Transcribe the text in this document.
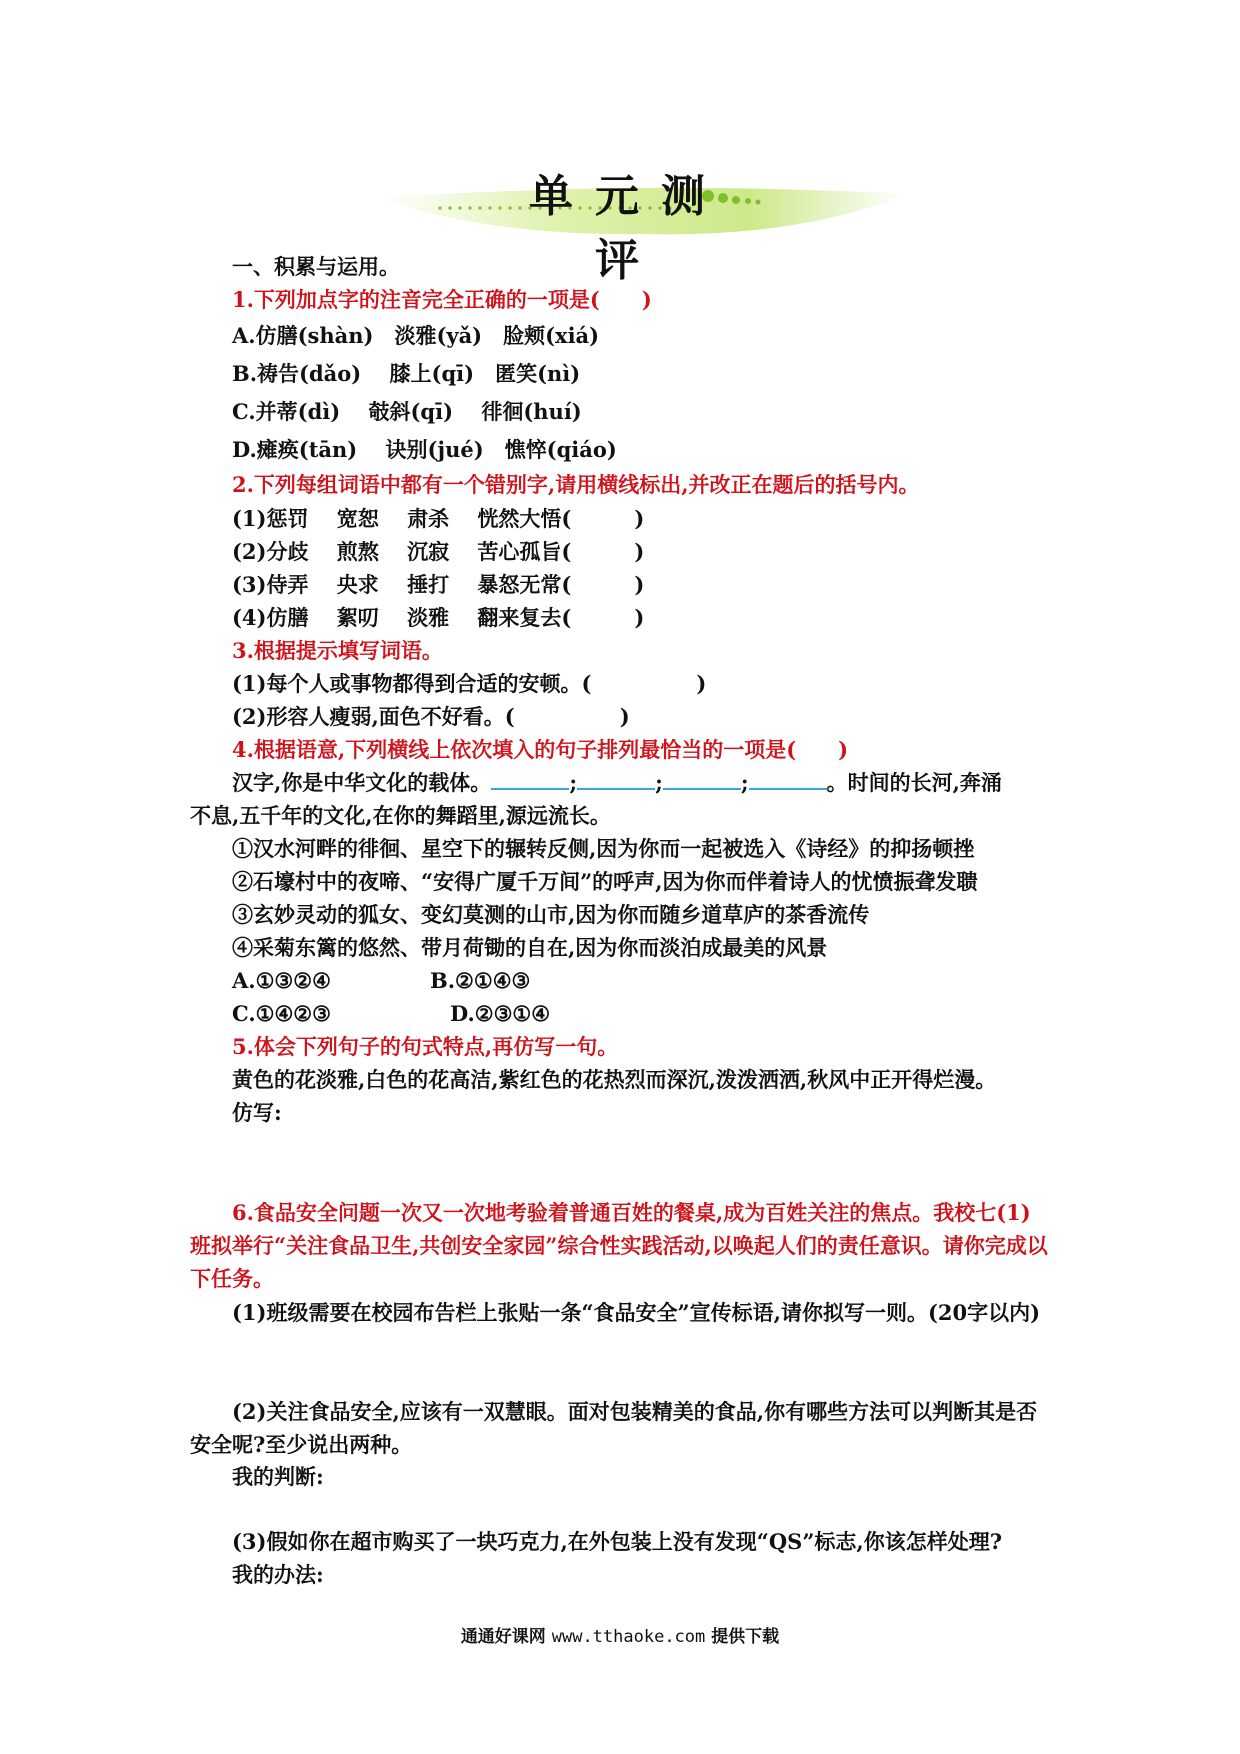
单元测评
一、积累与运用。
1.下列加点字的注音完全正确的一项是(　　)
A.仿膳(shàn)　淡雅(yǎ)　脸颊(xiá)
B.祷告(dǎo)　 膝上(qī)　匿笑(nì)
C.并蒂(dì)　 攲斜(qī)　 徘徊(huí)
D.瘫痪(tān)　 诀别(jué)　憔悴(qiáo)
2.下列每组词语中都有一个错别字,请用横线标出,并改正在题后的括号内。
(1)惩罚　 宽恕　 肃杀　 恍然大悟(　　　)
(2)分歧　 煎熬　 沉寂　 苦心孤旨(　　　)
(3)侍弄　 央求　 捶打　 暴怒无常(　　　)
(4)仿膳　 絮叨　 淡雅　 翻来复去(　　　)
3.根据提示填写词语。
(1)每个人或事物都得到合适的安顿。(　　　　　)
(2)形容人瘦弱,面色不好看。(　　　　　)
4.根据语意,下列横线上依次填入的句子排列最恰当的一项是(　　)
汉字,你是中华文化的载体。	;	;	;	。时间的长河,奔涌
不息,五千年的文化,在你的舞蹈里,源远流长。
①汉水河畔的徘徊、星空下的辗转反侧,因为你而一起被选入《诗经》的抑扬顿挫
②石壕村中的夜啼、“安得广厦千万间”的呼声,因为你而伴着诗人的忧愤振聋发聩
③玄妙灵动的狐女、变幻莫测的山市,因为你而随乡道草庐的茶香流传
④采菊东篱的悠然、带月荷锄的自在,因为你而淡泊成最美的风景
A.①③②④	B.②①④③
C.①④②③	D.②③①④
5.体会下列句子的句式特点,再仿写一句。
黄色的花淡雅,白色的花高洁,紫红色的花热烈而深沉,泼泼洒洒,秋风中正开得烂漫。
仿写:
6.食品安全问题一次又一次地考验着普通百姓的餐桌,成为百姓关注的焦点。我校七(1)班拟举行“关注食品卫生,共创安全家园”综合性实践活动,以唤起人们的责任意识。请你完成以下任务。
(1)班级需要在校园布告栏上张贴一条“食品安全”宣传标语,请你拟写一则。(20字以内)
(2)关注食品安全,应该有一双慧眼。面对包装精美的食品,你有哪些方法可以判断其是否安全呢?至少说出两种。
我的判断:
(3)假如你在超市购买了一块巧克力,在外包装上没有发现“QS”标志,你该怎样处理?
我的办法:
通通好课网 www.tthaoke.com 提供下载
